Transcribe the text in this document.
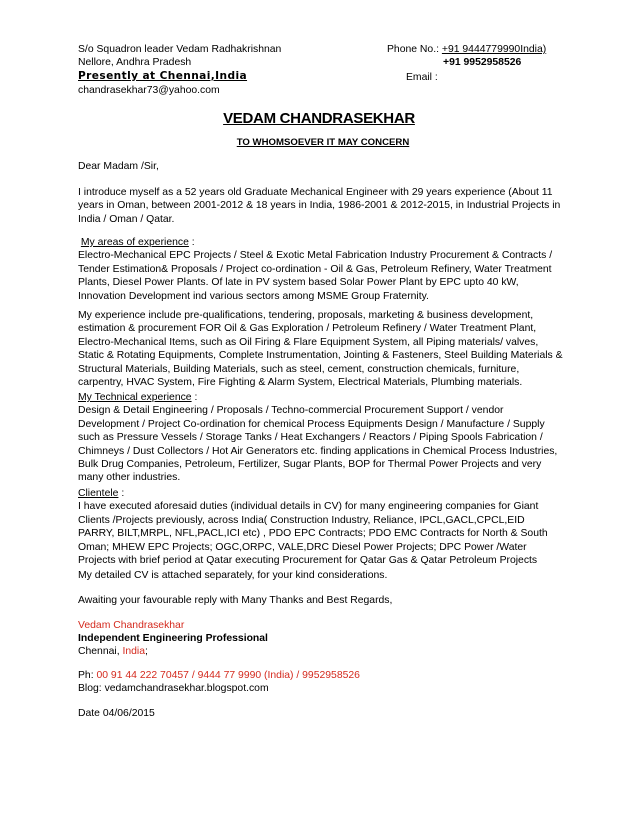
S/o Squadron leader Vedam Radhakrishnan	Phone No.: +91 9444779990India)
Nellore, Andhra Pradesh	+91 9952958526
Presently at Chennai,India	Email :
chandrasekhar73@yahoo.com
VEDAM CHANDRASEKHAR
TO WHOMSOEVER IT MAY CONCERN
Dear Madam /Sir,
I introduce myself as a 52 years old Graduate Mechanical Engineer with 29 years experience (About 11
years in Oman, between 2001-2012 & 18 years in India, 1986-2001 & 2012-2015, in Industrial Projects in
India / Oman / Qatar.
My areas of experience :
Electro-Mechanical EPC Projects / Steel & Exotic Metal Fabrication Industry Procurement & Contracts /
Tender Estimation& Proposals / Project co-ordination - Oil & Gas, Petroleum Refinery, Water Treatment
Plants, Diesel Power Plants. Of late in PV system based Solar Power Plant by EPC upto 40 kW,
Innovation Development ind various sectors among MSME Group Fraternity.
My experience include pre-qualifications, tendering, proposals, marketing & business development,
estimation & procurement FOR Oil & Gas Exploration / Petroleum Refinery / Water Treatment Plant,
Electro-Mechanical Items, such as Oil Firing & Flare Equipment System, all Piping materials/ valves,
Static & Rotating Equipments, Complete Instrumentation, Jointing & Fasteners, Steel Building Materials &
Structural Materials, Building Materials, such as steel, cement, construction chemicals, furniture,
carpentry, HVAC System, Fire Fighting & Alarm System, Electrical Materials, Plumbing materials.
My Technical experience :
Design & Detail Engineering / Proposals / Techno-commercial Procurement Support / vendor
Development / Project Co-ordination for chemical Process Equipments Design / Manufacture / Supply
such as Pressure Vessels / Storage Tanks / Heat Exchangers / Reactors / Piping Spools Fabrication /
Chimneys / Dust Collectors / Hot Air Generators etc. finding applications in Chemical Process Industries,
Bulk Drug Companies, Petroleum, Fertilizer, Sugar Plants, BOP for Thermal Power Projects and very
many other industries.
Clientele :
I have executed aforesaid duties (individual details in CV) for many engineering companies for Giant
Clients /Projects previously, across India( Construction Industry, Reliance, IPCL,GACL,CPCL,EID
PARRY, BILT,MRPL, NFL,PACL,ICI etc) , PDO EPC Contracts; PDO EMC Contracts for North & South
Oman; MHEW EPC Projects; OGC,ORPC, VALE,DRC Diesel Power Projects; DPC Power /Water
Projects with brief period at Qatar executing Procurement for Qatar Gas & Qatar Petroleum Projects
My detailed CV is attached separately, for your kind considerations.
Awaiting your favourable reply with Many Thanks and Best Regards,
Vedam Chandrasekhar
Independent Engineering Professional
Chennai, India;
Ph: 00 91 44 222 70457 / 9444 77 9990 (India) / 9952958526
Blog: vedamchandrasekhar.blogspot.com
Date 04/06/2015
